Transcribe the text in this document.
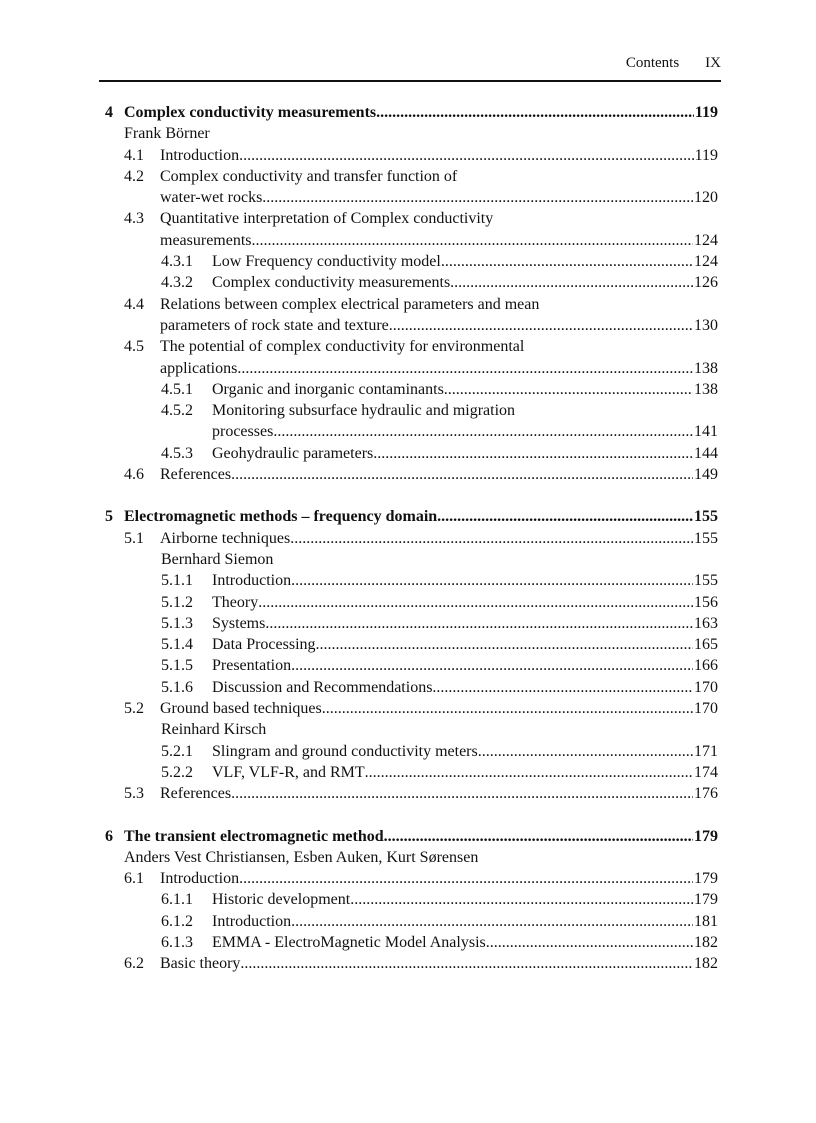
Contents IX
4 Complex conductivity measurements .....	119
Frank Börner
4.1 Introduction .....	119
4.2 Complex conductivity and transfer function of
water-wet rocks .....	120
4.3 Quantitative interpretation of Complex conductivity
measurements .....	124
4.3.1 Low Frequency conductivity model .....	124
4.3.2 Complex conductivity measurements .....	126
4.4 Relations between complex electrical parameters and mean
parameters of rock state and texture .....	130
4.5 The potential of complex conductivity for environmental
applications .....	138
4.5.1 Organic and inorganic contaminants .....	138
4.5.2 Monitoring subsurface hydraulic and migration
processes .....	141
4.5.3 Geohydraulic parameters .....	144
4.6 References .....	149
5 Electromagnetic methods – frequency domain .....	155
5.1 Airborne techniques .....	155
Bernhard Siemon
5.1.1 Introduction .....	155
5.1.2 Theory .....	156
5.1.3 Systems .....	163
5.1.4 Data Processing .....	165
5.1.5 Presentation .....	166
5.1.6 Discussion and Recommendations .....	170
5.2 Ground based techniques .....	170
Reinhard Kirsch
5.2.1 Slingram and ground conductivity meters .....	171
5.2.2 VLF, VLF-R, and RMT .....	174
5.3 References .....	176
6 The transient electromagnetic method .....	179
Anders Vest Christiansen, Esben Auken, Kurt Sørensen
6.1 Introduction .....	179
6.1.1 Historic development .....	179
6.1.2 Introduction .....	181
6.1.3 EMMA - ElectroMagnetic Model Analysis .....	182
6.2 Basic theory .....	182
